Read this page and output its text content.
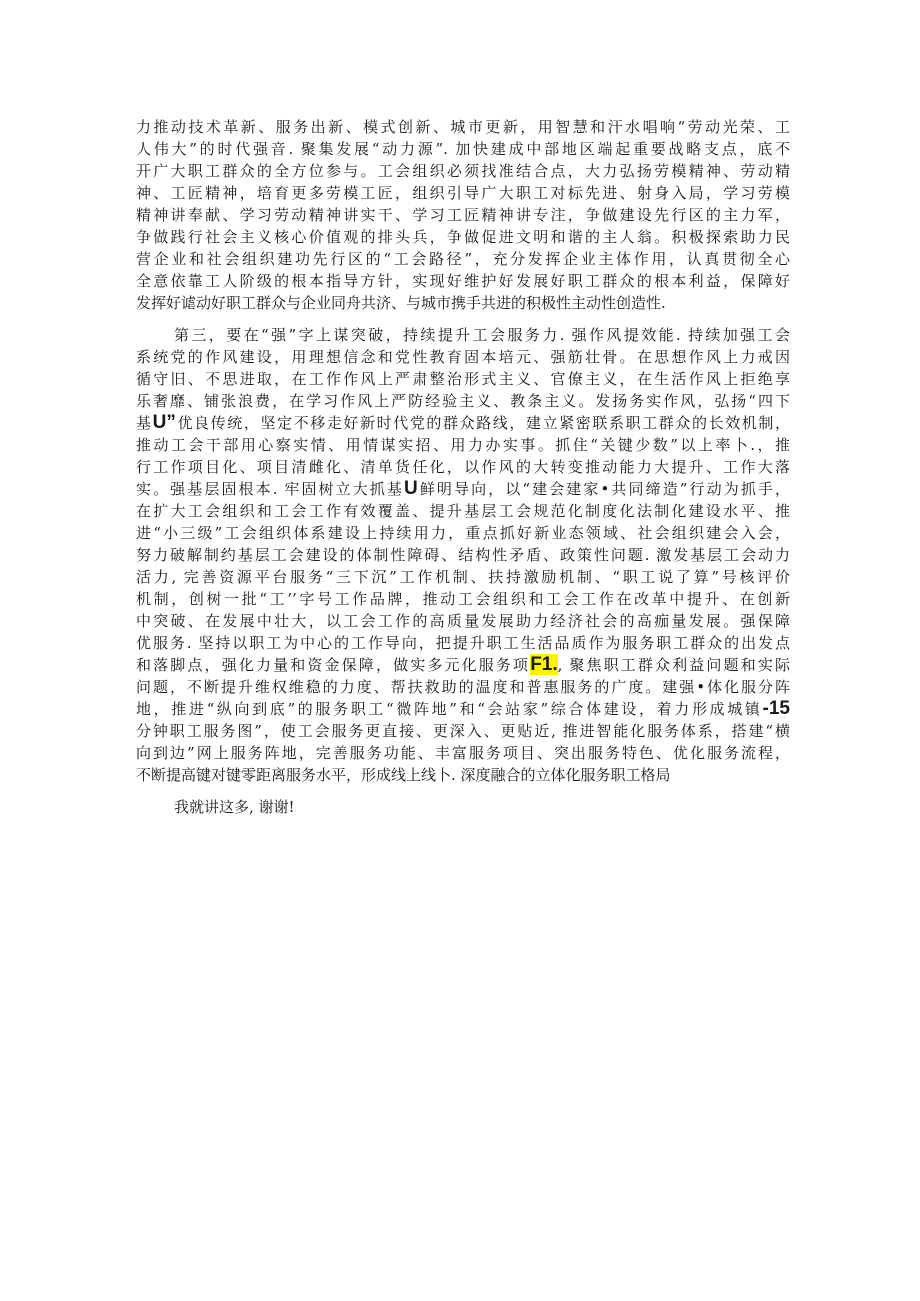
力推动技术革新、服务出新、模式创新、城市更新，用智慧和汗水唱响“劳动光荣、工
人伟大”的时代强音. 聚集发展“动力源”. 加快建成中部地区端起重要战略支点，底不
开广大职工群众的全方位参与。工会组织必须找准结合点，大力弘扬劳模精神、劳动精
神、工匠精神，培育更多劳模工匠，组织引导广大职工对标先进、射身入局，学习劳模
精神讲奉献、学习劳动精神讲实干、学习工匠精神讲专注，争做建设先行区的主力军，
争做践行社会主义核心价值观的排头兵，争做促进文明和谐的主人翁。积极探索助力民
营企业和社会组织建功先行区的“工会路径”，充分发挥企业主体作用，认真贯彻全心
全意依靠工人阶级的根本指导方针，实现好维护好发展好职工群众的根本利益，保障好
发挥好谑动好职工群众与企业同舟共济、与城市携手共进的积极性主动性创造性.

第三，要在“强”字上谋突破，持续提升工会服务力. 强作风提效能. 持续加强工会
系统党的作风建设，用理想信念和党性教育固本培元、强筋壮骨。在思想作风上力戒因
循守旧、不思进取，在工作作风上严肃整治形式主义、官僚主义，在生活作风上拒绝享
乐奢靡、铺张浪费，在学习作风上严防经验主义、教条主义。发扬务实作风，弘扬“四下
基U”优良传统，坚定不移走好新时代党的群众路线，建立紧密联系职工群众的长效机制，
推动工会干部用心察实情、用情谋实招、用力办实事。抓住“关键少数”以上率卜.，推
行工作项目化、项目清雌化、清单货任化，以作风的大转变推动能力大提升、工作大落
实。强基层固根本. 牢固树立大抓基U鲜明导向，以“建会建家•共同缔造”行动为抓手，
在扩大工会组织和工会工作有效覆盖、提升基层工会规范化制度化法制化建设水平、推
进“小三级”工会组织体系建设上持续用力，重点抓好新业态领域、社会组织建会入会，
努力破解制约基层工会建设的体制性障碍、结构性矛盾、政策性问题. 激发基层工会动力
活力, 完善资源平台服务“三下沉”工作机制、扶持激励机制、“职工说了算”号核评价
机制，创树一批“工’’字号工作品牌，推动工会组织和工会工作在改革中提升、在创新
中突破、在发展中壮大，以工会工作的高质量发展助力经济社会的高痂量发展。强保障
优服务. 坚持以职工为中心的工作导向，把提升职工生活品质作为服务职工群众的出发点
和落脚点，强化力量和资金保障，做实多元化服务项F1., 聚焦职工群众利益问题和实际
问题，不断提升维权维稳的力度、帮扶救助的温度和普惠服务的广度。建强•体化服分阵
地，推进“纵向到底”的服务职工“微阵地”和“会站家”综合体建设，着力形成城镇-15
分钟职工服务图”，使工会服务更直接、更深入、更贴近, 推进智能化服务体系，搭建“横
向到边”网上服务阵地，完善服务功能、丰富服务项目、突出服务特色、优化服务流程，
不断提高键对键零距离服务水平，形成线上线卜. 深度融合的立体化服务职工格局

我就讲这多, 谢谢!
